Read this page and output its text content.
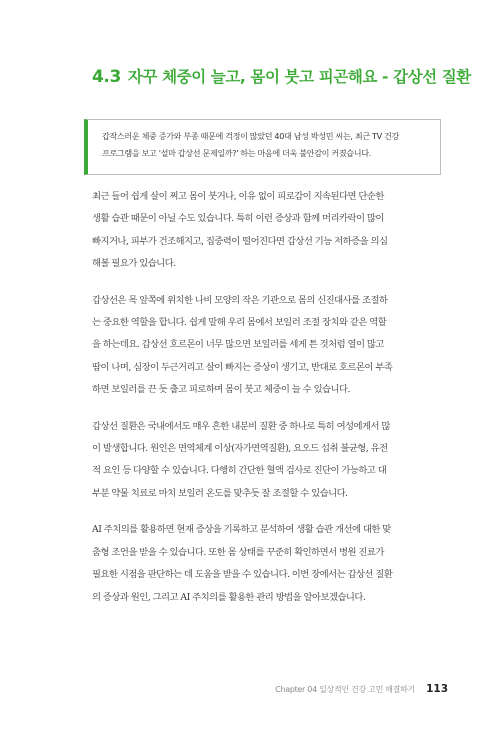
4.3 자꾸 체중이 늘고, 몸이 붓고 피곤해요 - 갑상선 질환

갑작스러운 체중 증가와 부종 때문에 걱정이 많았던 40대 남성 박성민 씨는, 최근 TV 건강

프로그램을 보고 '설마 갑상선 문제일까?' 하는 마음에 더욱 불안감이 커졌습니다.

최근 들어 쉽게 살이 찌고 몸이 붓거나, 이유 없이 피로감이 지속된다면 단순한
생활 습관 때문이 아닐 수도 있습니다. 특히 이런 증상과 함께 머리카락이 많이
빠지거나, 피부가 건조해지고, 집중력이 떨어진다면 갑상선 기능 저하증을 의심
해볼 필요가 있습니다.

갑상선은 목 앞쪽에 위치한 나비 모양의 작은 기관으로 몸의 신진대사를 조절하
는 중요한 역할을 합니다. 쉽게 말해 우리 몸에서 보일러 조절 장치와 같은 역할
을 하는데요. 갑상선 호르몬이 너무 많으면 보일러를 세게 튼 것처럼 열이 많고
땀이 나며, 심장이 두근거리고 살이 빠지는 증상이 생기고, 반대로 호르몬이 부족
하면 보일러를 끈 듯 춥고 피로하며 몸이 붓고 체중이 늘 수 있습니다.

갑상선 질환은 국내에서도 매우 흔한 내분비 질환 중 하나로 특히 여성에게서 많
이 발생합니다. 원인은 면역체계 이상(자가면역질환), 요오드 섭취 불균형, 유전
적 요인 등 다양할 수 있습니다. 다행히 간단한 혈액 검사로 진단이 가능하고 대
부분 약물 치료로 마치 보일러 온도를 맞추듯 잘 조절할 수 있습니다.

AI 주치의를 활용하면 현재 증상을 기록하고 분석하여 생활 습관 개선에 대한 맞
춤형 조언을 받을 수 있습니다. 또한 몸 상태를 꾸준히 확인하면서 병원 진료가
필요한 시점을 판단하는 데 도움을 받을 수 있습니다. 이번 장에서는 갑상선 질환
의 증상과 원인, 그리고 AI 주치의를 활용한 관리 방법을 알아보겠습니다.

Chapter 04 일상적인 건강 고민 해결하기 113
